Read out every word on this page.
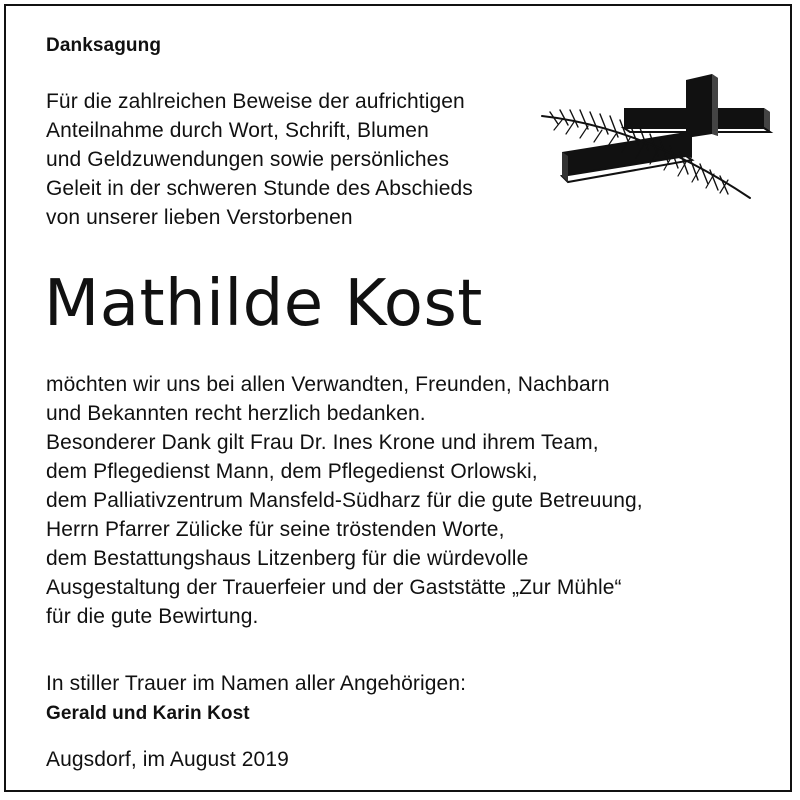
Danksagung
Für die zahlreichen Beweise der aufrichtigen
Anteilnahme durch Wort, Schrift, Blumen
und Geldzuwendungen sowie persönliches
Geleit in der schweren Stunde des Abschieds
von unserer lieben Verstorbenen
Mathilde Kost
möchten wir uns bei allen Verwandten, Freunden, Nachbarn
und Bekannten recht herzlich bedanken.
Besonderer Dank gilt Frau Dr. Ines Krone und ihrem Team,
dem Pflegedienst Mann, dem Pflegedienst Orlowski,
dem Palliativzentrum Mansfeld-Südharz für die gute Betreuung,
Herrn Pfarrer Zülicke für seine tröstenden Worte,
dem Bestattungshaus Litzenberg für die würdevolle
Ausgestaltung der Trauerfeier und der Gaststätte „Zur Mühle“
für die gute Bewirtung.
In stiller Trauer im Namen aller Angehörigen:
Gerald und Karin Kost
Augsdorf, im August 2019
